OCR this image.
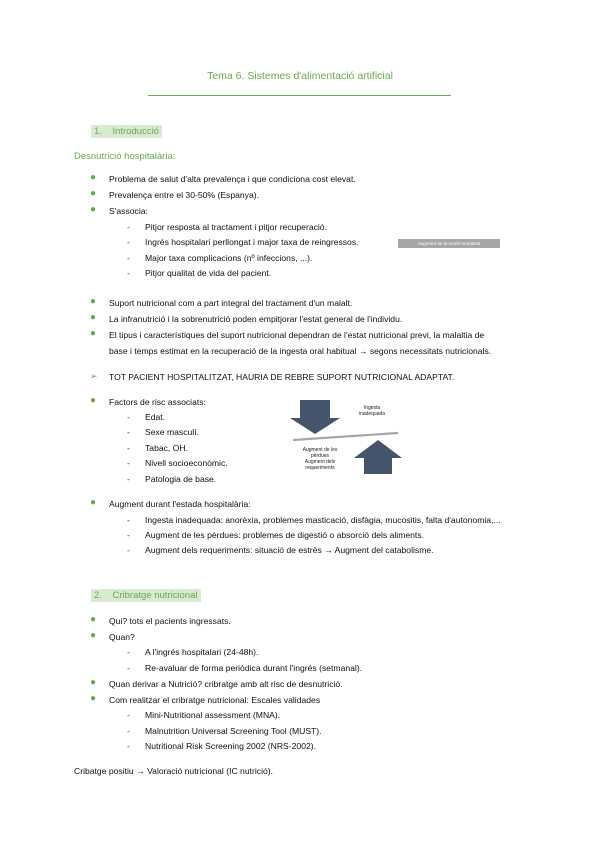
Tema 6. Sistemes d'alimentació artificial
1. Introducció
Desnutrició hospitalària:
● Problema de salut d'alta prevalença i que condiciona cost elevat.
● Prevalença entre el 30-50% (Espanya).
● S'associa:
- Pitjor resposta al tractament i pitjor recuperació.
- Ingrés hospitalari perllongat i major taxa de reingressos.
- Major taxa complicacions (nº infeccions, ...).
- Pitjor qualitat de vida del pacient.
Augment de la morbi-mortalitat
● Suport nutricional com a part integral del tractament d'un malalt.
● La infranutrició i la sobrenutrició poden empitjorar l'estat general de l'individu.
● El tipus i característiques del suport nutricional dependran de l'estat nutricional previ, la malaltia de
base i temps estimat en la recuperació de la ingesta oral habitual → segons necessitats nutricionals.
➢ TOT PACIENT HOSPITALITZAT, HAURIA DE REBRE SUPORT NUTRICIONAL ADAPTAT.
● Factors de risc associats:
- Edat.
- Sexe masculí.
- Tabac, OH.
- Nivell socioeconòmic.
- Patologia de base.
Ingesta
inadequada
Augment de les
pèrdues
Augment dels
requeriments
● Augment durant l'estada hospitalària:
- Ingesta inadequada: anorèxia, problemes masticació, disfàgia, mucositis, falta d'autonomia,...
- Augment de les pèrdues: problemes de digestió o absorció dels aliments.
- Augment dels requeriments: situació de estrès → Augment del catabolisme.
2. Cribratge nutricional
● Qui? tots el pacients ingressats.
● Quan?
- A l'ingrés hospitalari (24-48h).
- Re-avaluar de forma periòdica durant l'ingrés (setmanal).
● Quan derivar a Nutrició? cribratge amb alt risc de desnutrició.
● Com realitzar el cribratge nutricional: Escales validades
- Mini-Nutritional assessment (MNA).
- Malnutrition Universal Screening Tool (MUST).
- Nutritional Risk Screening 2002 (NRS-2002).
Cribatge positiu → Valoració nutricional (IC nutrició).
